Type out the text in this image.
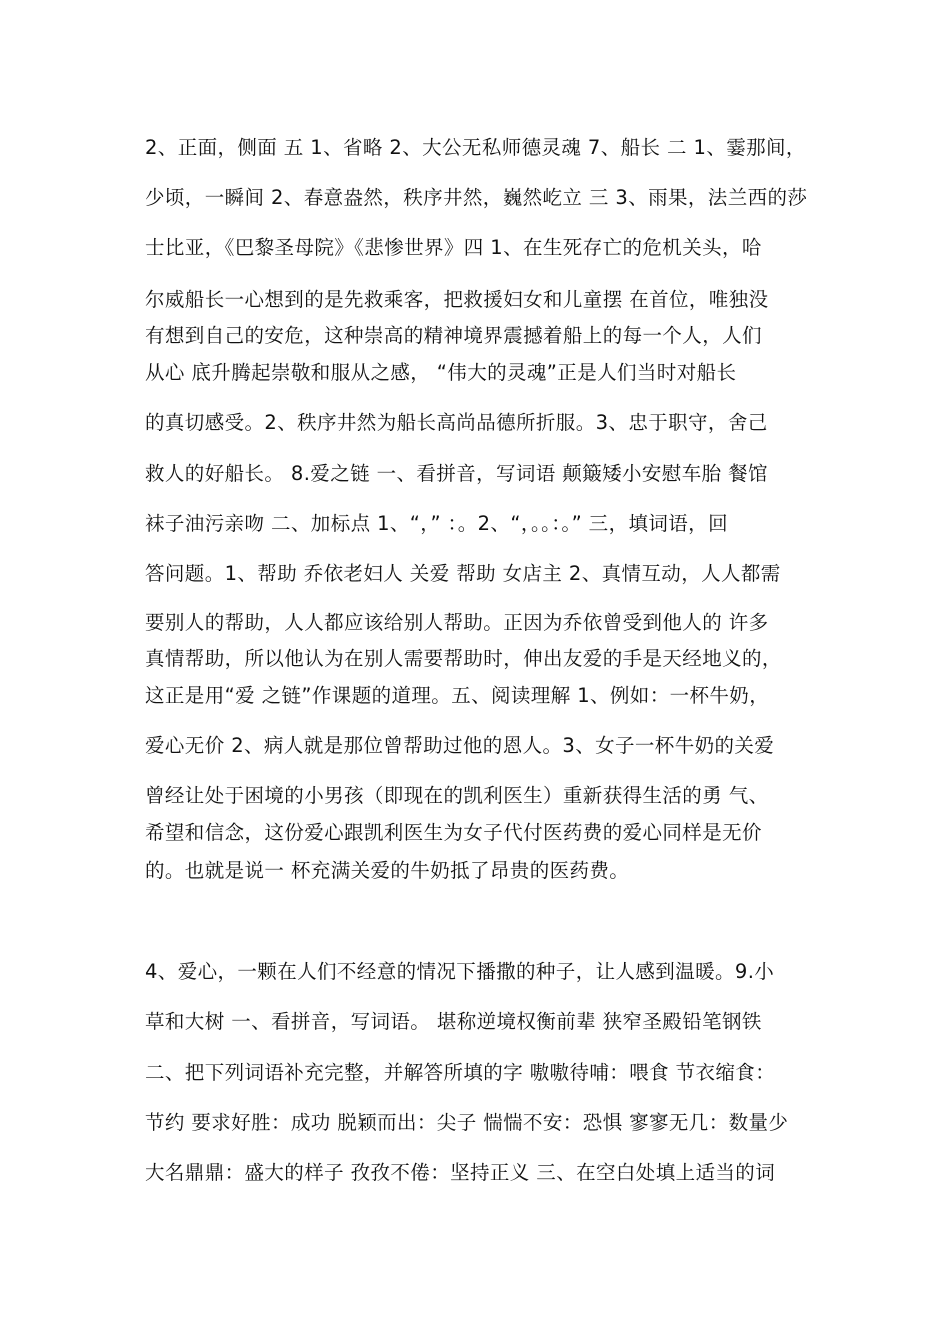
2、正面，侧面 五 1、省略 2、大公无私师德灵魂 7、船长 二 1、霎那间，
少顷，一瞬间 2、春意盎然，秩序井然，巍然屹立 三 3、雨果，法兰西的莎
士比亚，《巴黎圣母院》《悲惨世界》四 1、在生死存亡的危机关头，哈
尔威船长一心想到的是先救乘客，把救援妇女和儿童摆 在首位，唯独没
有想到自己的安危，这种崇高的精神境界震撼着船上的每一个人，人们
从心 底升腾起崇敬和服从之感， “伟大的灵魂”正是人们当时对船长
的真切感受。2、秩序井然为船长高尚品德所折服。3、忠于职守，舍己
救人的好船长。 8.爱之链 一、看拼音，写词语 颠簸矮小安慰车胎 餐馆
袜子油污亲吻 二、加标点 1、“，” ：。2、“，。。：。” 三，填词语，回
答问题。1、帮助 乔依老妇人 关爱 帮助 女店主 2、真情互动，人人都需
要别人的帮助，人人都应该给别人帮助。正因为乔依曾受到他人的 许多
真情帮助，所以他认为在别人需要帮助时，伸出友爱的手是天经地义的，
这正是用“爱 之链”作课题的道理。五、阅读理解 1、例如：一杯牛奶，
爱心无价 2、病人就是那位曾帮助过他的恩人。3、女子一杯牛奶的关爱
曾经让处于困境的小男孩（即现在的凯利医生）重新获得生活的勇 气、
希望和信念，这份爱心跟凯利医生为女子代付医药费的爱心同样是无价
的。也就是说一 杯充满关爱的牛奶抵了昂贵的医药费。
4、爱心，一颗在人们不经意的情况下播撒的种子，让人感到温暖。9.小
草和大树 一、看拼音，写词语。 堪称逆境权衡前辈 狭窄圣殿铅笔钢铁
二、把下列词语补充完整，并解答所填的字 嗷嗷待哺：喂食 节衣缩食：
节约 要求好胜：成功 脱颖而出：尖子 惴惴不安：恐惧 寥寥无几：数量少
大名鼎鼎：盛大的样子 孜孜不倦：坚持正义 三、在空白处填上适当的词
